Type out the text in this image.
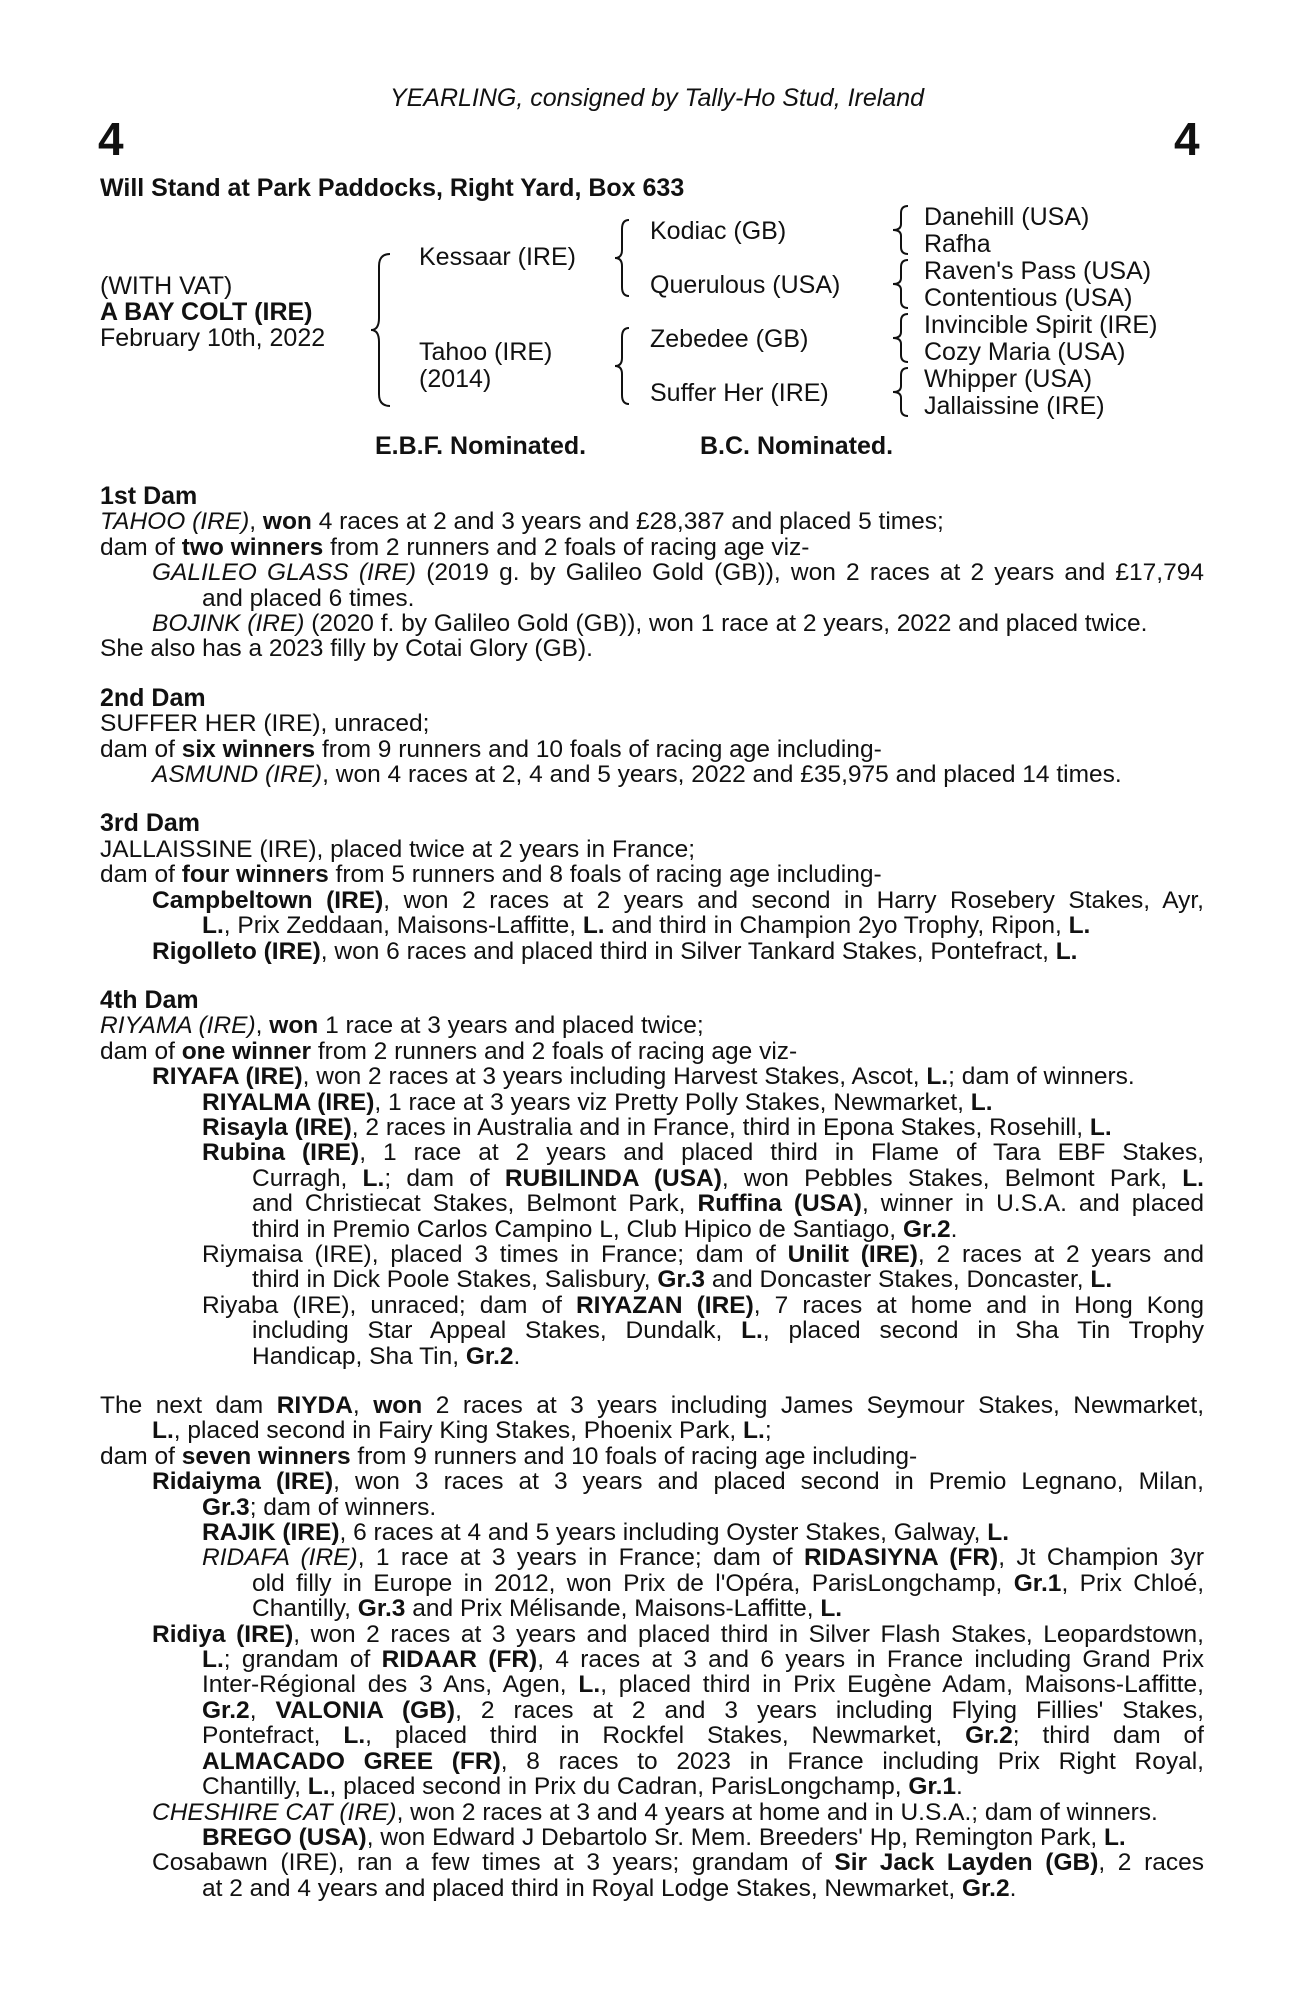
YEARLING, consigned by Tally-Ho Stud, Ireland
4	4
Will Stand at Park Paddocks, Right Yard, Box 633
(WITH VAT)
A BAY COLT (IRE)
February 10th, 2022
Kessaar (IRE)
Tahoo (IRE)
(2014)
Kodiac (GB)
Querulous (USA)
Zebedee (GB)
Suffer Her (IRE)
Danehill (USA)
Rafha
Raven's Pass (USA)
Contentious (USA)
Invincible Spirit (IRE)
Cozy Maria (USA)
Whipper (USA)
Jallaissine (IRE)
E.B.F. Nominated.	B.C. Nominated.
1st Dam
TAHOO (IRE), won 4 races at 2 and 3 years and £28,387 and placed 5 times;
dam of two winners from 2 runners and 2 foals of racing age viz-
GALILEO GLASS (IRE) (2019 g. by Galileo Gold (GB)), won 2 races at 2 years and £17,794
and placed 6 times.
BOJINK (IRE) (2020 f. by Galileo Gold (GB)), won 1 race at 2 years, 2022 and placed twice.
She also has a 2023 filly by Cotai Glory (GB).
2nd Dam
SUFFER HER (IRE), unraced;
dam of six winners from 9 runners and 10 foals of racing age including-
ASMUND (IRE), won 4 races at 2, 4 and 5 years, 2022 and £35,975 and placed 14 times.
3rd Dam
JALLAISSINE (IRE), placed twice at 2 years in France;
dam of four winners from 5 runners and 8 foals of racing age including-
Campbeltown (IRE), won 2 races at 2 years and second in Harry Rosebery Stakes, Ayr,
L., Prix Zeddaan, Maisons-Laffitte, L. and third in Champion 2yo Trophy, Ripon, L.
Rigolleto (IRE), won 6 races and placed third in Silver Tankard Stakes, Pontefract, L.
4th Dam
RIYAMA (IRE), won 1 race at 3 years and placed twice;
dam of one winner from 2 runners and 2 foals of racing age viz-
RIYAFA (IRE), won 2 races at 3 years including Harvest Stakes, Ascot, L.; dam of winners.
RIYALMA (IRE), 1 race at 3 years viz Pretty Polly Stakes, Newmarket, L.
Risayla (IRE), 2 races in Australia and in France, third in Epona Stakes, Rosehill, L.
Rubina (IRE), 1 race at 2 years and placed third in Flame of Tara EBF Stakes,
Curragh, L.; dam of RUBILINDA (USA), won Pebbles Stakes, Belmont Park, L.
and Christiecat Stakes, Belmont Park, Ruffina (USA), winner in U.S.A. and placed
third in Premio Carlos Campino L, Club Hipico de Santiago, Gr.2.
Riymaisa (IRE), placed 3 times in France; dam of Unilit (IRE), 2 races at 2 years and
third in Dick Poole Stakes, Salisbury, Gr.3 and Doncaster Stakes, Doncaster, L.
Riyaba (IRE), unraced; dam of RIYAZAN (IRE), 7 races at home and in Hong Kong
including Star Appeal Stakes, Dundalk, L., placed second in Sha Tin Trophy
Handicap, Sha Tin, Gr.2.
The next dam RIYDA, won 2 races at 3 years including James Seymour Stakes, Newmarket,
L., placed second in Fairy King Stakes, Phoenix Park, L.;
dam of seven winners from 9 runners and 10 foals of racing age including-
Ridaiyma (IRE), won 3 races at 3 years and placed second in Premio Legnano, Milan,
Gr.3; dam of winners.
RAJIK (IRE), 6 races at 4 and 5 years including Oyster Stakes, Galway, L.
RIDAFA (IRE), 1 race at 3 years in France; dam of RIDASIYNA (FR), Jt Champion 3yr
old filly in Europe in 2012, won Prix de l'Opéra, ParisLongchamp, Gr.1, Prix Chloé,
Chantilly, Gr.3 and Prix Mélisande, Maisons-Laffitte, L.
Ridiya (IRE), won 2 races at 3 years and placed third in Silver Flash Stakes, Leopardstown,
L.; grandam of RIDAAR (FR), 4 races at 3 and 6 years in France including Grand Prix
Inter-Régional des 3 Ans, Agen, L., placed third in Prix Eugène Adam, Maisons-Laffitte,
Gr.2, VALONIA (GB), 2 races at 2 and 3 years including Flying Fillies' Stakes,
Pontefract, L., placed third in Rockfel Stakes, Newmarket, Gr.2; third dam of
ALMACADO GREE (FR), 8 races to 2023 in France including Prix Right Royal,
Chantilly, L., placed second in Prix du Cadran, ParisLongchamp, Gr.1.
CHESHIRE CAT (IRE), won 2 races at 3 and 4 years at home and in U.S.A.; dam of winners.
BREGO (USA), won Edward J Debartolo Sr. Mem. Breeders' Hp, Remington Park, L.
Cosabawn (IRE), ran a few times at 3 years; grandam of Sir Jack Layden (GB), 2 races
at 2 and 4 years and placed third in Royal Lodge Stakes, Newmarket, Gr.2.
